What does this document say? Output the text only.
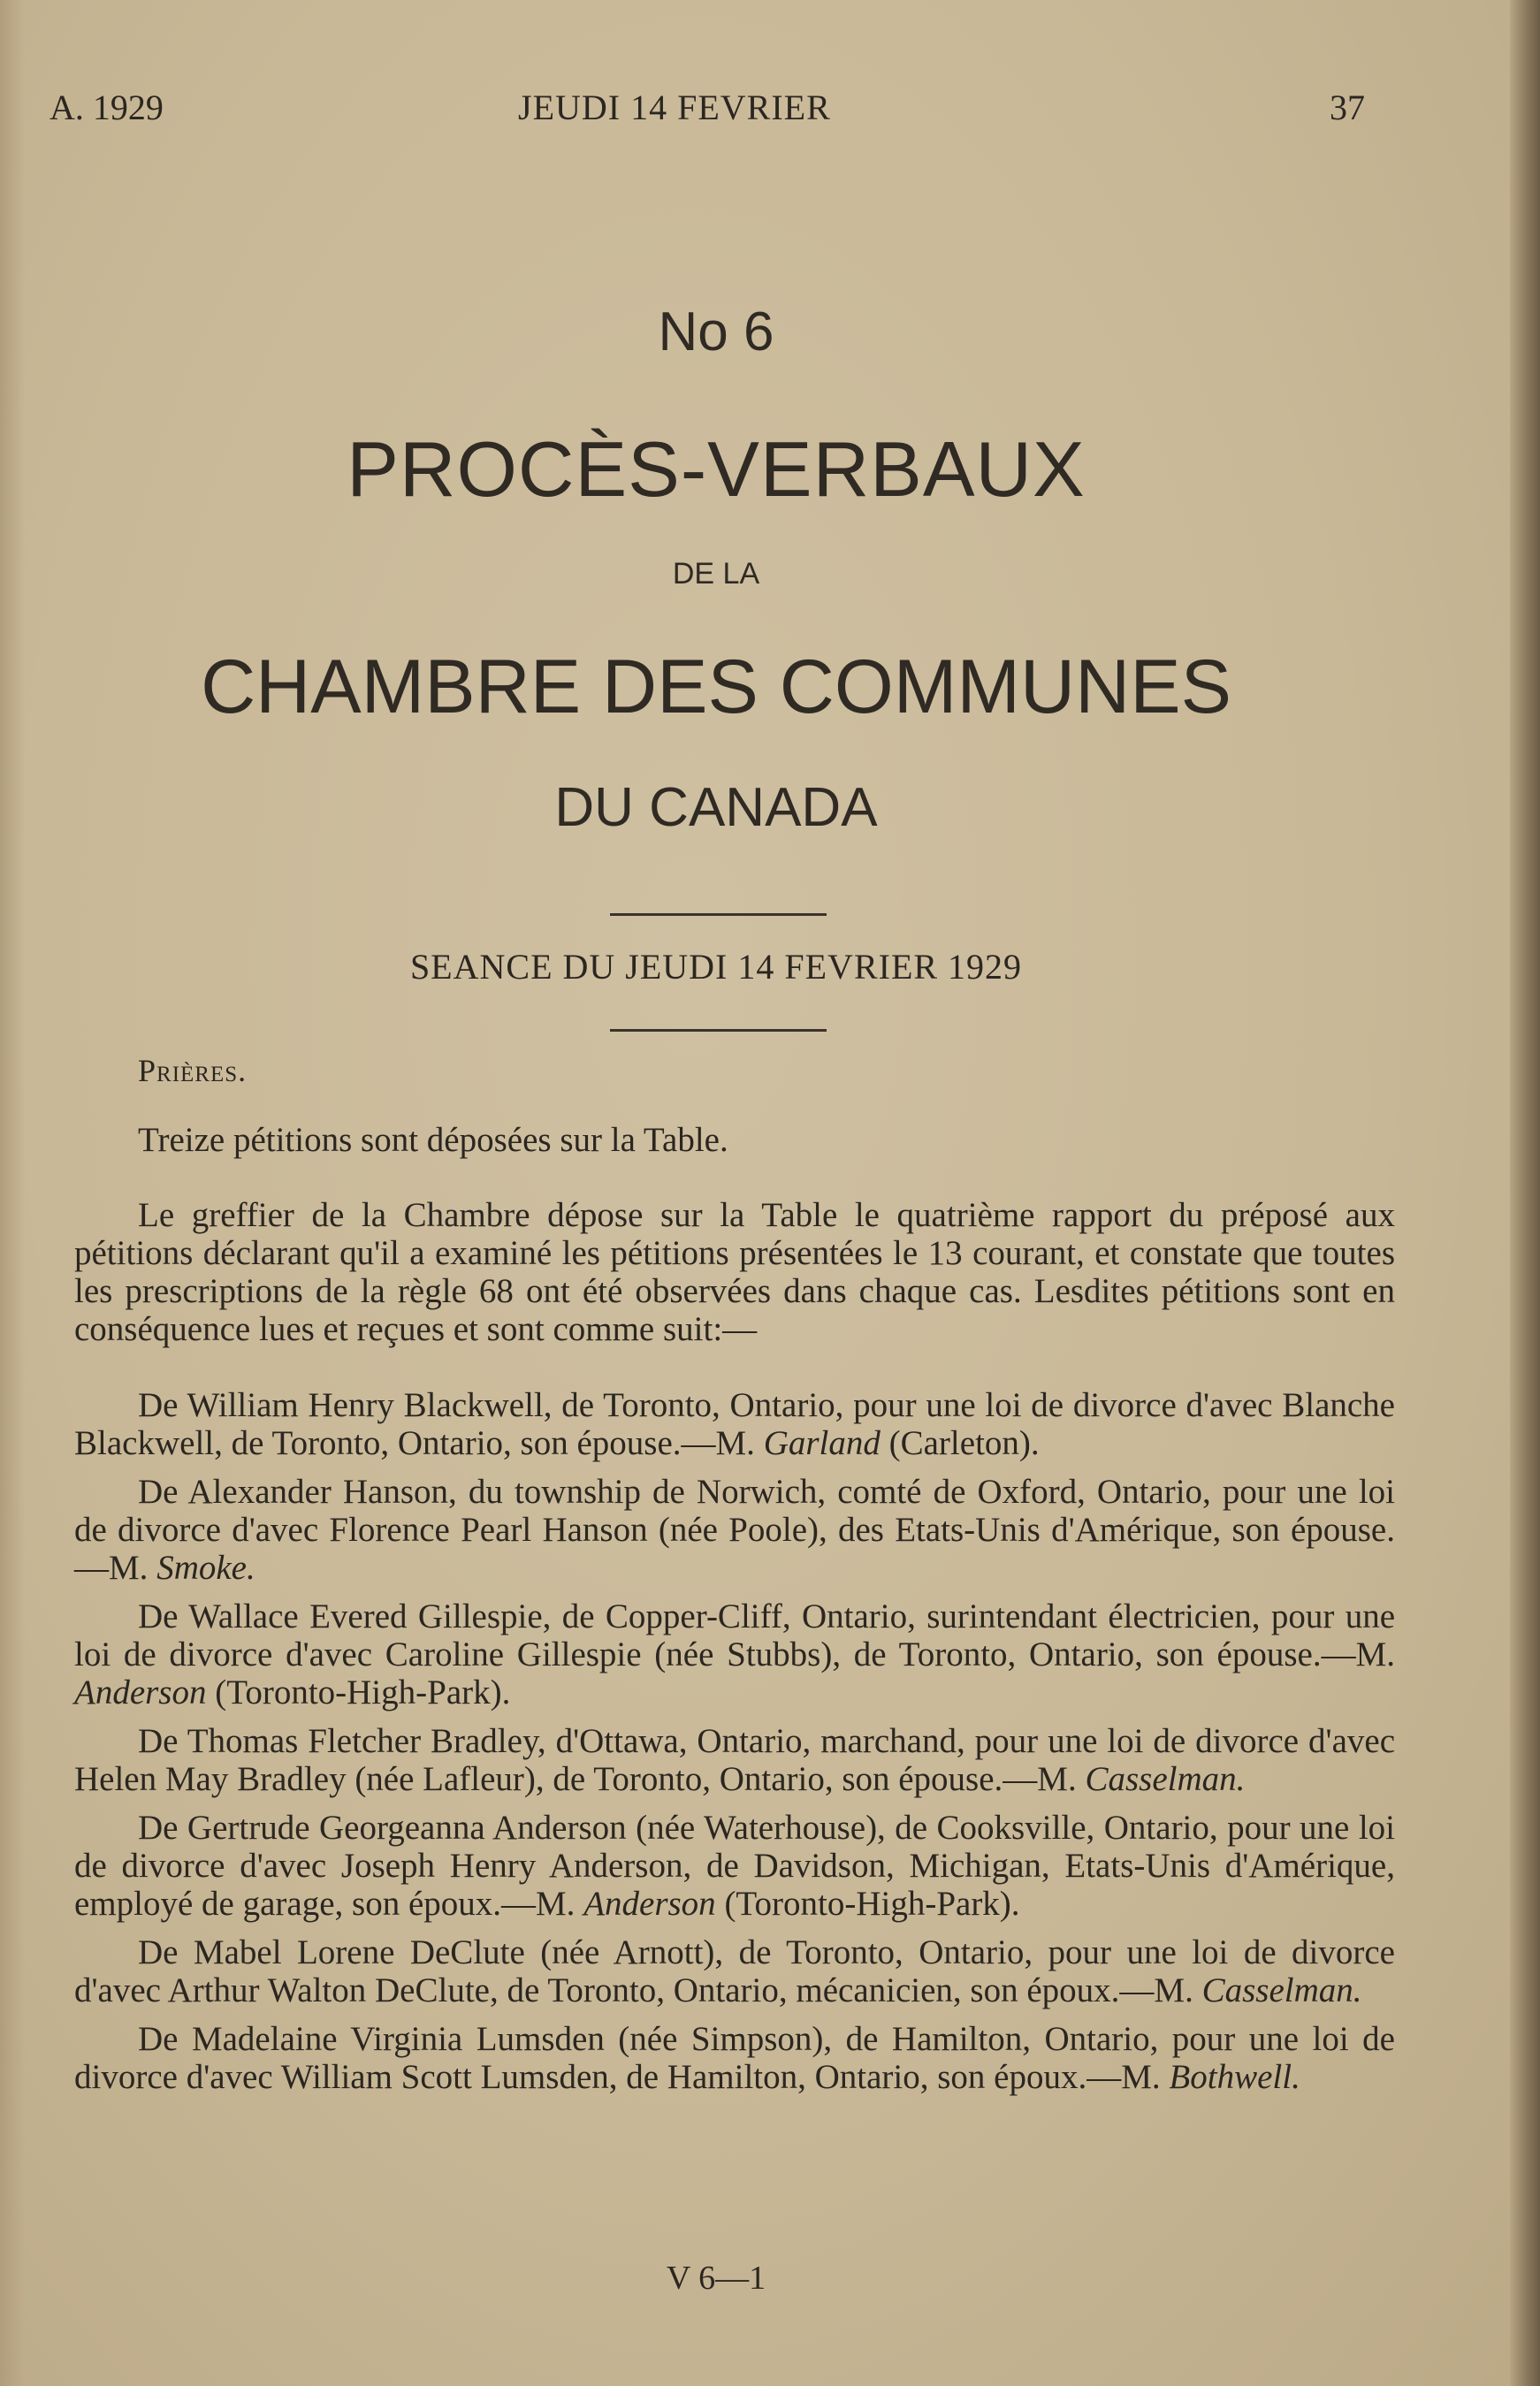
A. 1929	JEUDI 14 FEVRIER	37
No 6
PROCÈS-VERBAUX
DE LA
CHAMBRE DES COMMUNES
DU CANADA
SEANCE DU JEUDI 14 FEVRIER 1929
Prières.

Treize pétitions sont déposées sur la Table.

Le greffier de la Chambre dépose sur la Table le quatrième rapport du préposé aux pétitions déclarant qu'il a examiné les pétitions présentées le 13 courant, et constate que toutes les prescriptions de la règle 68 ont été observées dans chaque cas. Lesdites pétitions sont en conséquence lues et reçues et sont comme suit:—

De William Henry Blackwell, de Toronto, Ontario, pour une loi de divorce d'avec Blanche Blackwell, de Toronto, Ontario, son épouse.—M. Garland (Carleton).

De Alexander Hanson, du township de Norwich, comté de Oxford, Ontario, pour une loi de divorce d'avec Florence Pearl Hanson (née Poole), des Etats-Unis d'Amérique, son épouse.—M. Smoke.

De Wallace Evered Gillespie, de Copper-Cliff, Ontario, surintendant électricien, pour une loi de divorce d'avec Caroline Gillespie (née Stubbs), de Toronto, Ontario, son épouse.—M. Anderson (Toronto-High-Park).

De Thomas Fletcher Bradley, d'Ottawa, Ontario, marchand, pour une loi de divorce d'avec Helen May Bradley (née Lafleur), de Toronto, Ontario, son épouse.—M. Casselman.

De Gertrude Georgeanna Anderson (née Waterhouse), de Cooksville, Ontario, pour une loi de divorce d'avec Joseph Henry Anderson, de Davidson, Michigan, Etats-Unis d'Amérique, employé de garage, son époux.—M. Anderson (Toronto-High-Park).

De Mabel Lorene DeClute (née Arnott), de Toronto, Ontario, pour une loi de divorce d'avec Arthur Walton DeClute, de Toronto, Ontario, mécanicien, son époux.—M. Casselman.

De Madelaine Virginia Lumsden (née Simpson), de Hamilton, Ontario, pour une loi de divorce d'avec William Scott Lumsden, de Hamilton, Ontario, son époux.—M. Bothwell.

V 6—1
